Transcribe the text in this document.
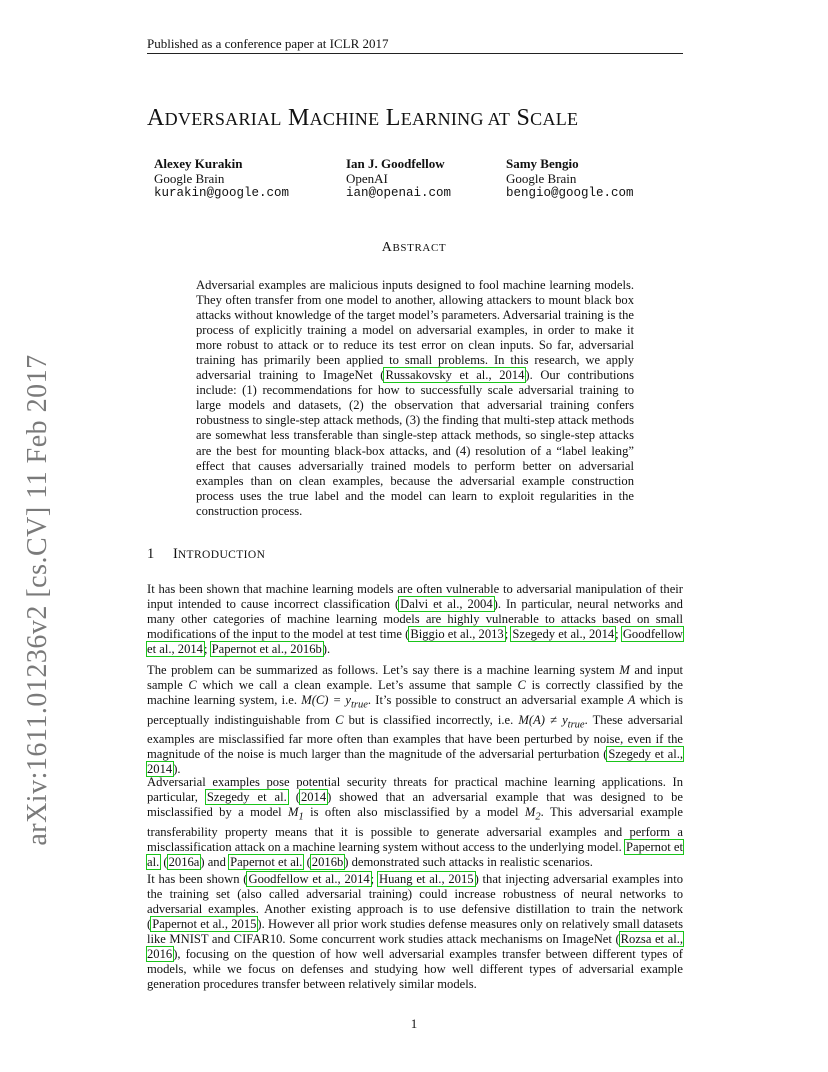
Published as a conference paper at ICLR 2017
ADVERSARIAL MACHINE LEARNING AT SCALE
Alexey Kurakin
Google Brain
kurakin@google.com
Ian J. Goodfellow
OpenAI
ian@openai.com
Samy Bengio
Google Brain
bengio@google.com
ABSTRACT
Adversarial examples are malicious inputs designed to fool machine learning models. They often transfer from one model to another, allowing attackers to mount black box attacks without knowledge of the target model’s parameters. Adversarial training is the process of explicitly training a model on adversarial examples, in order to make it more robust to attack or to reduce its test error on clean inputs. So far, adversarial training has primarily been applied to small problems. In this research, we apply adversarial training to ImageNet (Russakovsky et al., 2014). Our contributions include: (1) recommendations for how to successfully scale adversarial training to large models and datasets, (2) the observation that adversarial training confers robustness to single-step attack methods, (3) the finding that multi-step attack methods are somewhat less transferable than single-step attack methods, so single-step attacks are the best for mounting black-box attacks, and (4) resolution of a “label leaking” effect that causes adversarially trained models to perform better on adversarial examples than on clean examples, because the adversarial example construction process uses the true label and the model can learn to exploit regularities in the construction process.
1 INTRODUCTION
It has been shown that machine learning models are often vulnerable to adversarial manipulation of their input intended to cause incorrect classification (Dalvi et al., 2004). In particular, neural networks and many other categories of machine learning models are highly vulnerable to attacks based on small modifications of the input to the model at test time (Biggio et al., 2013; Szegedy et al., 2014; Goodfellow et al., 2014; Papernot et al., 2016b).
The problem can be summarized as follows. Let’s say there is a machine learning system M and input sample C which we call a clean example. Let’s assume that sample C is correctly classified by the machine learning system, i.e. $M(C) = y_{true}$. It’s possible to construct an adversarial example A which is perceptually indistinguishable from C but is classified incorrectly, i.e. $M(A) \ne y_{true}$. These adversarial examples are misclassified far more often than examples that have been perturbed by noise, even if the magnitude of the noise is much larger than the magnitude of the adversarial perturbation (Szegedy et al., 2014).
Adversarial examples pose potential security threats for practical machine learning applications. In particular, Szegedy et al. (2014) showed that an adversarial example that was designed to be misclassified by a model $M_1$ is often also misclassified by a model $M_2$. This adversarial example transferability property means that it is possible to generate adversarial examples and perform a misclassification attack on a machine learning system without access to the underlying model. Papernot et al. (2016a) and Papernot et al. (2016b) demonstrated such attacks in realistic scenarios.
It has been shown (Goodfellow et al., 2014; Huang et al., 2015) that injecting adversarial examples into the training set (also called adversarial training) could increase robustness of neural networks to adversarial examples. Another existing approach is to use defensive distillation to train the network (Papernot et al., 2015). However all prior work studies defense measures only on relatively small datasets like MNIST and CIFAR10. Some concurrent work studies attack mechanisms on ImageNet (Rozsa et al., 2016), focusing on the question of how well adversarial examples transfer between different types of models, while we focus on defenses and studying how well different types of adversarial example generation procedures transfer between relatively similar models.
1
arXiv:1611.01236v2 [cs.CV] 11 Feb 2017
